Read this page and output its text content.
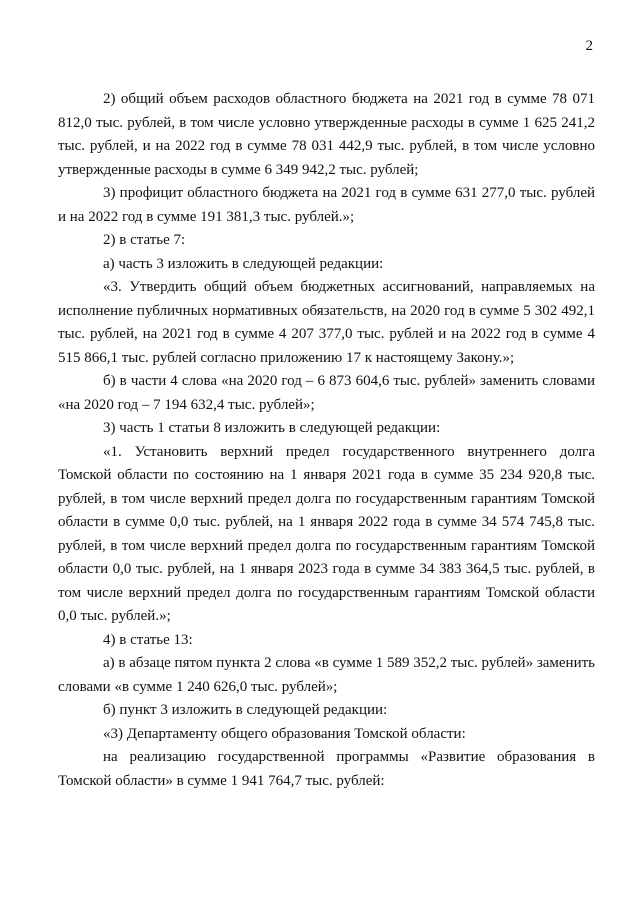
2

2) общий объем расходов областного бюджета на 2021 год в сумме 78 071 812,0 тыс. рублей, в том числе условно утвержденные расходы в сумме 1 625 241,2 тыс. рублей, и на 2022 год в сумме 78 031 442,9 тыс. рублей, в том числе условно утвержденные расходы в сумме 6 349 942,2 тыс. рублей;

3) профицит областного бюджета на 2021 год в сумме 631 277,0 тыс. рублей и на 2022 год в сумме 191 381,3 тыс. рублей.»;

2) в статье 7:

а) часть 3 изложить в следующей редакции:

«3. Утвердить общий объем бюджетных ассигнований, направляемых на исполнение публичных нормативных обязательств, на 2020 год в сумме 5 302 492,1 тыс. рублей, на 2021 год в сумме 4 207 377,0 тыс. рублей и на 2022 год в сумме 4 515 866,1 тыс. рублей согласно приложению 17 к настоящему Закону.»;

б) в части 4 слова «на 2020 год – 6 873 604,6 тыс. рублей» заменить словами «на 2020 год – 7 194 632,4 тыс. рублей»;

3) часть 1 статьи 8 изложить в следующей редакции:

«1. Установить верхний предел государственного внутреннего долга Томской области по состоянию на 1 января 2021 года в сумме 35 234 920,8 тыс. рублей, в том числе верхний предел долга по государственным гарантиям Томской области в сумме 0,0 тыс. рублей, на 1 января 2022 года в сумме 34 574 745,8 тыс. рублей, в том числе верхний предел долга по государственным гарантиям Томской области 0,0 тыс. рублей, на 1 января 2023 года в сумме 34 383 364,5 тыс. рублей, в том числе верхний предел долга по государственным гарантиям Томской области 0,0 тыс. рублей.»;

4) в статье 13:

а) в абзаце пятом пункта 2 слова «в сумме 1 589 352,2 тыс. рублей» заменить словами «в сумме 1 240 626,0 тыс. рублей»;

б) пункт 3 изложить в следующей редакции:

«3) Департаменту общего образования Томской области:

на реализацию государственной программы «Развитие образования в Томской области» в сумме 1 941 764,7 тыс. рублей:
